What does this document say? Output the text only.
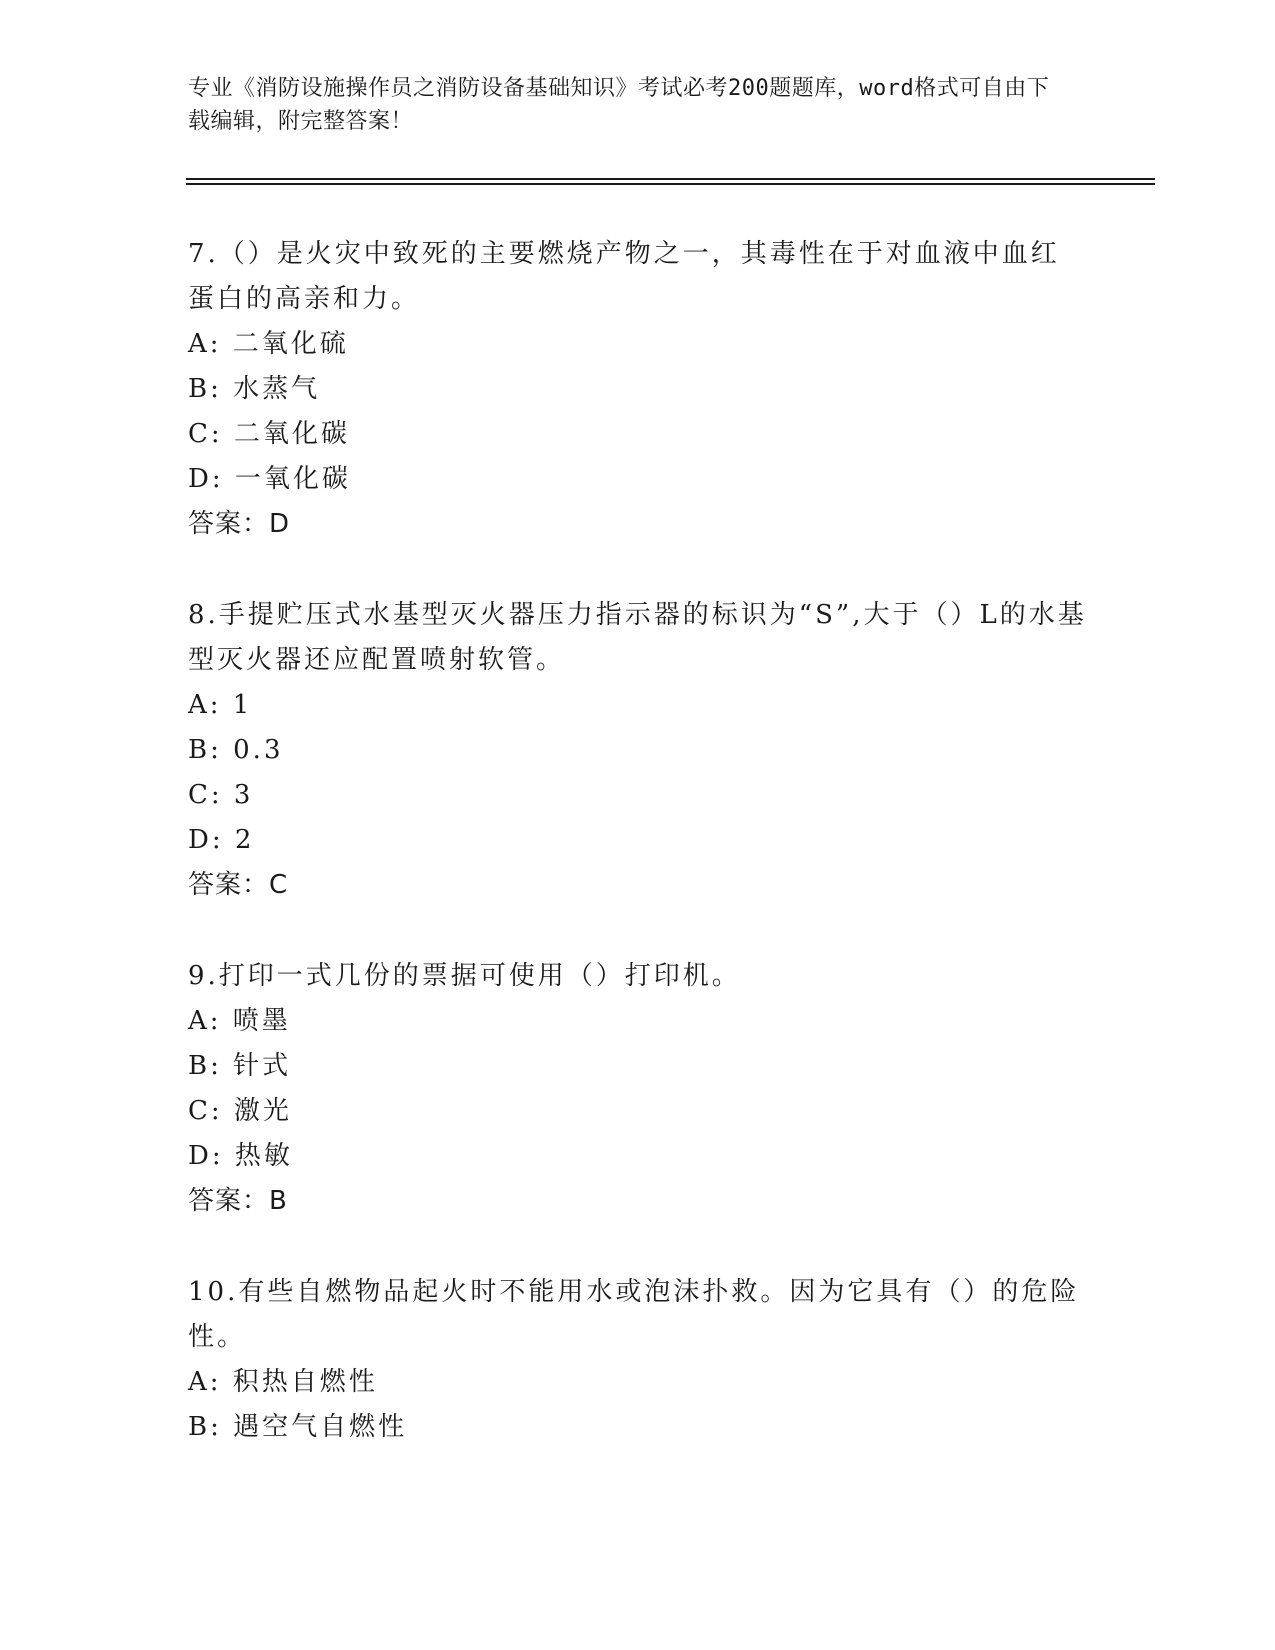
专业《消防设施操作员之消防设备基础知识》考试必考200题题库，word格式可自由下载编辑，附完整答案！

7.（）是火灾中致死的主要燃烧产物之一，其毒性在于对血液中血红蛋白的高亲和力。

A: 二氧化硫

B: 水蒸气

C: 二氧化碳

D: 一氧化碳

答案：D

8.手提贮压式水基型灭火器压力指示器的标识为“S”,大于（）L的水基型灭火器还应配置喷射软管。

A: 1

B: 0.3

C: 3

D: 2

答案：C

9.打印一式几份的票据可使用（）打印机。

A: 喷墨

B: 针式

C: 激光

D: 热敏

答案：B

10.有些自燃物品起火时不能用水或泡沫扑救。因为它具有（）的危险性。

A: 积热自燃性

B: 遇空气自燃性
